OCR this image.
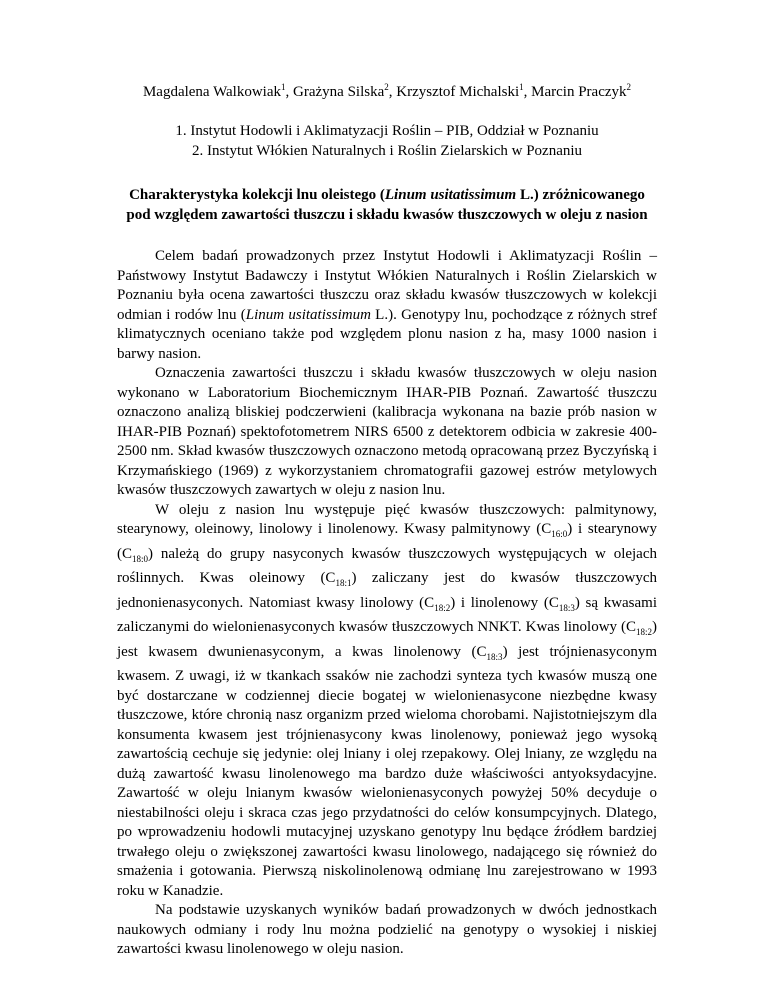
Magdalena Walkowiak$^1$, Grażyna Silska$^2$, Krzysztof Michalski$^1$, Marcin Praczyk$^2$
1. Instytut Hodowli i Aklimatyzacji Roślin – PIB, Oddział w Poznaniu
2. Instytut Włókien Naturalnych i Roślin Zielarskich w Poznaniu
Charakterystyka kolekcji lnu oleistego (Linum usitatissimum L.) zróżnicowanego pod względem zawartości tłuszczu i składu kwasów tłuszczowych w oleju z nasion

Celem badań prowadzonych przez Instytut Hodowli i Aklimatyzacji Roślin – Państwowy Instytut Badawczy i Instytut Włókien Naturalnych i Roślin Zielarskich w Poznaniu była ocena zawartości tłuszczu oraz składu kwasów tłuszczowych w kolekcji odmian i rodów lnu (Linum usitatissimum L.). Genotypy lnu, pochodzące z różnych stref klimatycznych oceniano także pod względem plonu nasion z ha, masy 1000 nasion i barwy nasion.

Oznaczenia zawartości tłuszczu i składu kwasów tłuszczowych w oleju nasion wykonano w Laboratorium Biochemicznym IHAR-PIB Poznań. Zawartość tłuszczu oznaczono analizą bliskiej podczerwieni (kalibracja wykonana na bazie prób nasion w IHAR-PIB Poznań) spektofotometrem NIRS 6500 z detektorem odbicia w zakresie 400-2500 nm. Skład kwasów tłuszczowych oznaczono metodą opracowaną przez Byczyńską i Krzymańskiego (1969) z wykorzystaniem chromatografii gazowej estrów metylowych kwasów tłuszczowych zawartych w oleju z nasion lnu.

W oleju z nasion lnu występuje pięć kwasów tłuszczowych: palmitynowy, stearynowy, oleinowy, linolowy i linolenowy. Kwasy palmitynowy $(C_{16:0})$ i stearynowy $(C_{18:0})$ należą do grupy nasyconych kwasów tłuszczowych występujących w olejach roślinnych. Kwas oleinowy $(C_{18:1})$ zaliczany jest do kwasów tłuszczowych jednonienasyconych. Natomiast kwasy linolowy $(C_{18:2})$ i linolenowy $(C_{18:3})$ są kwasami zaliczanymi do wielonienasyconych kwasów tłuszczowych NNKT. Kwas linolowy $(C_{18:2})$ jest kwasem dwunienasyconym, a kwas linolenowy $(C_{18:3})$ jest trójnienasyconym kwasem. Z uwagi, iż w tkankach ssaków nie zachodzi synteza tych kwasów muszą one być dostarczane w codziennej diecie bogatej w wielonienasycone niezbędne kwasy tłuszczowe, które chronią nasz organizm przed wieloma chorobami. Najistotniejszym dla konsumenta kwasem jest trójnienasycony kwas linolenowy, ponieważ jego wysoką zawartością cechuje się jedynie: olej lniany i olej rzepakowy. Olej lniany, ze względu na dużą zawartość kwasu linolenowego ma bardzo duże właściwości antyoksydacyjne. Zawartość w oleju lnianym kwasów wielonienasyconych powyżej 50% decyduje o niestabilności oleju i skraca czas jego przydatności do celów konsumpcyjnych. Dlatego, po wprowadzeniu hodowli mutacyjnej uzyskano genotypy lnu będące źródłem bardziej trwałego oleju o zwiększonej zawartości kwasu linolowego, nadającego się również do smażenia i gotowania. Pierwszą niskolinolenową odmianę lnu zarejestrowano w 1993 roku w Kanadzie.

Na podstawie uzyskanych wyników badań prowadzonych w dwóch jednostkach naukowych odmiany i rody lnu można podzielić na genotypy o wysokiej i niskiej zawartości kwasu linolenowego w oleju nasion.
